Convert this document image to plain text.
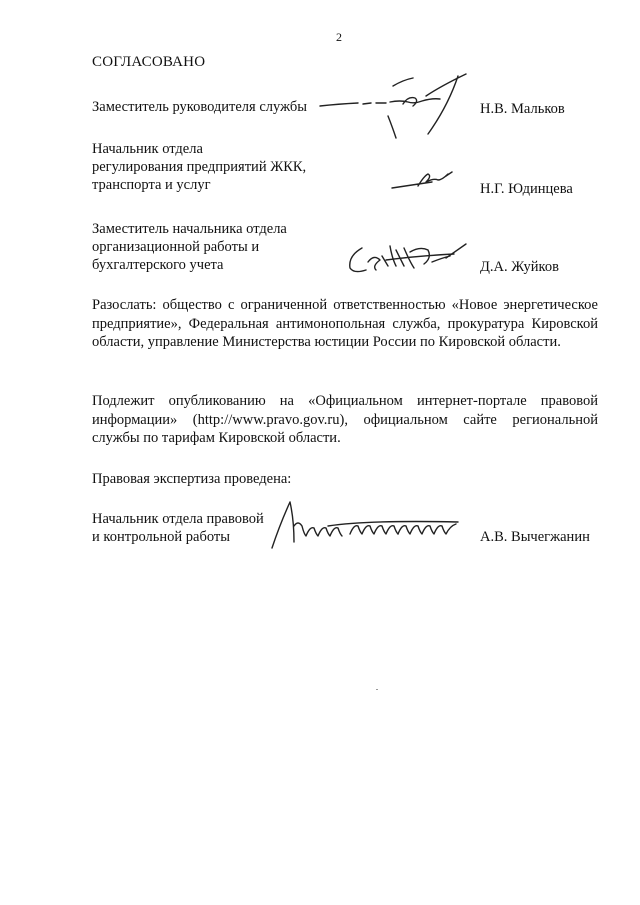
2
СОГЛАСОВАНО
Заместитель руководителя службы	Н.В. Мальков
Начальник отдела
регулирования предприятий ЖКК,
транспорта и услуг	Н.Г. Юдинцева
Заместитель начальника отдела
организационной работы и
бухгалтерского учета	Д.А. Жуйков
Разослать: общество с ограниченной ответственностью «Новое энергетическое предприятие», Федеральная антимонопольная служба, прокуратура Кировской области, управление Министерства юстиции России по Кировской области.
Подлежит опубликованию на «Официальном интернет-портале правовой информации» (http://www.pravo.gov.ru), официальном сайте региональной службы по тарифам Кировской области.
Правовая экспертиза проведена:
Начальник отдела правовой
и контрольной работы	А.В. Вычегжанин
